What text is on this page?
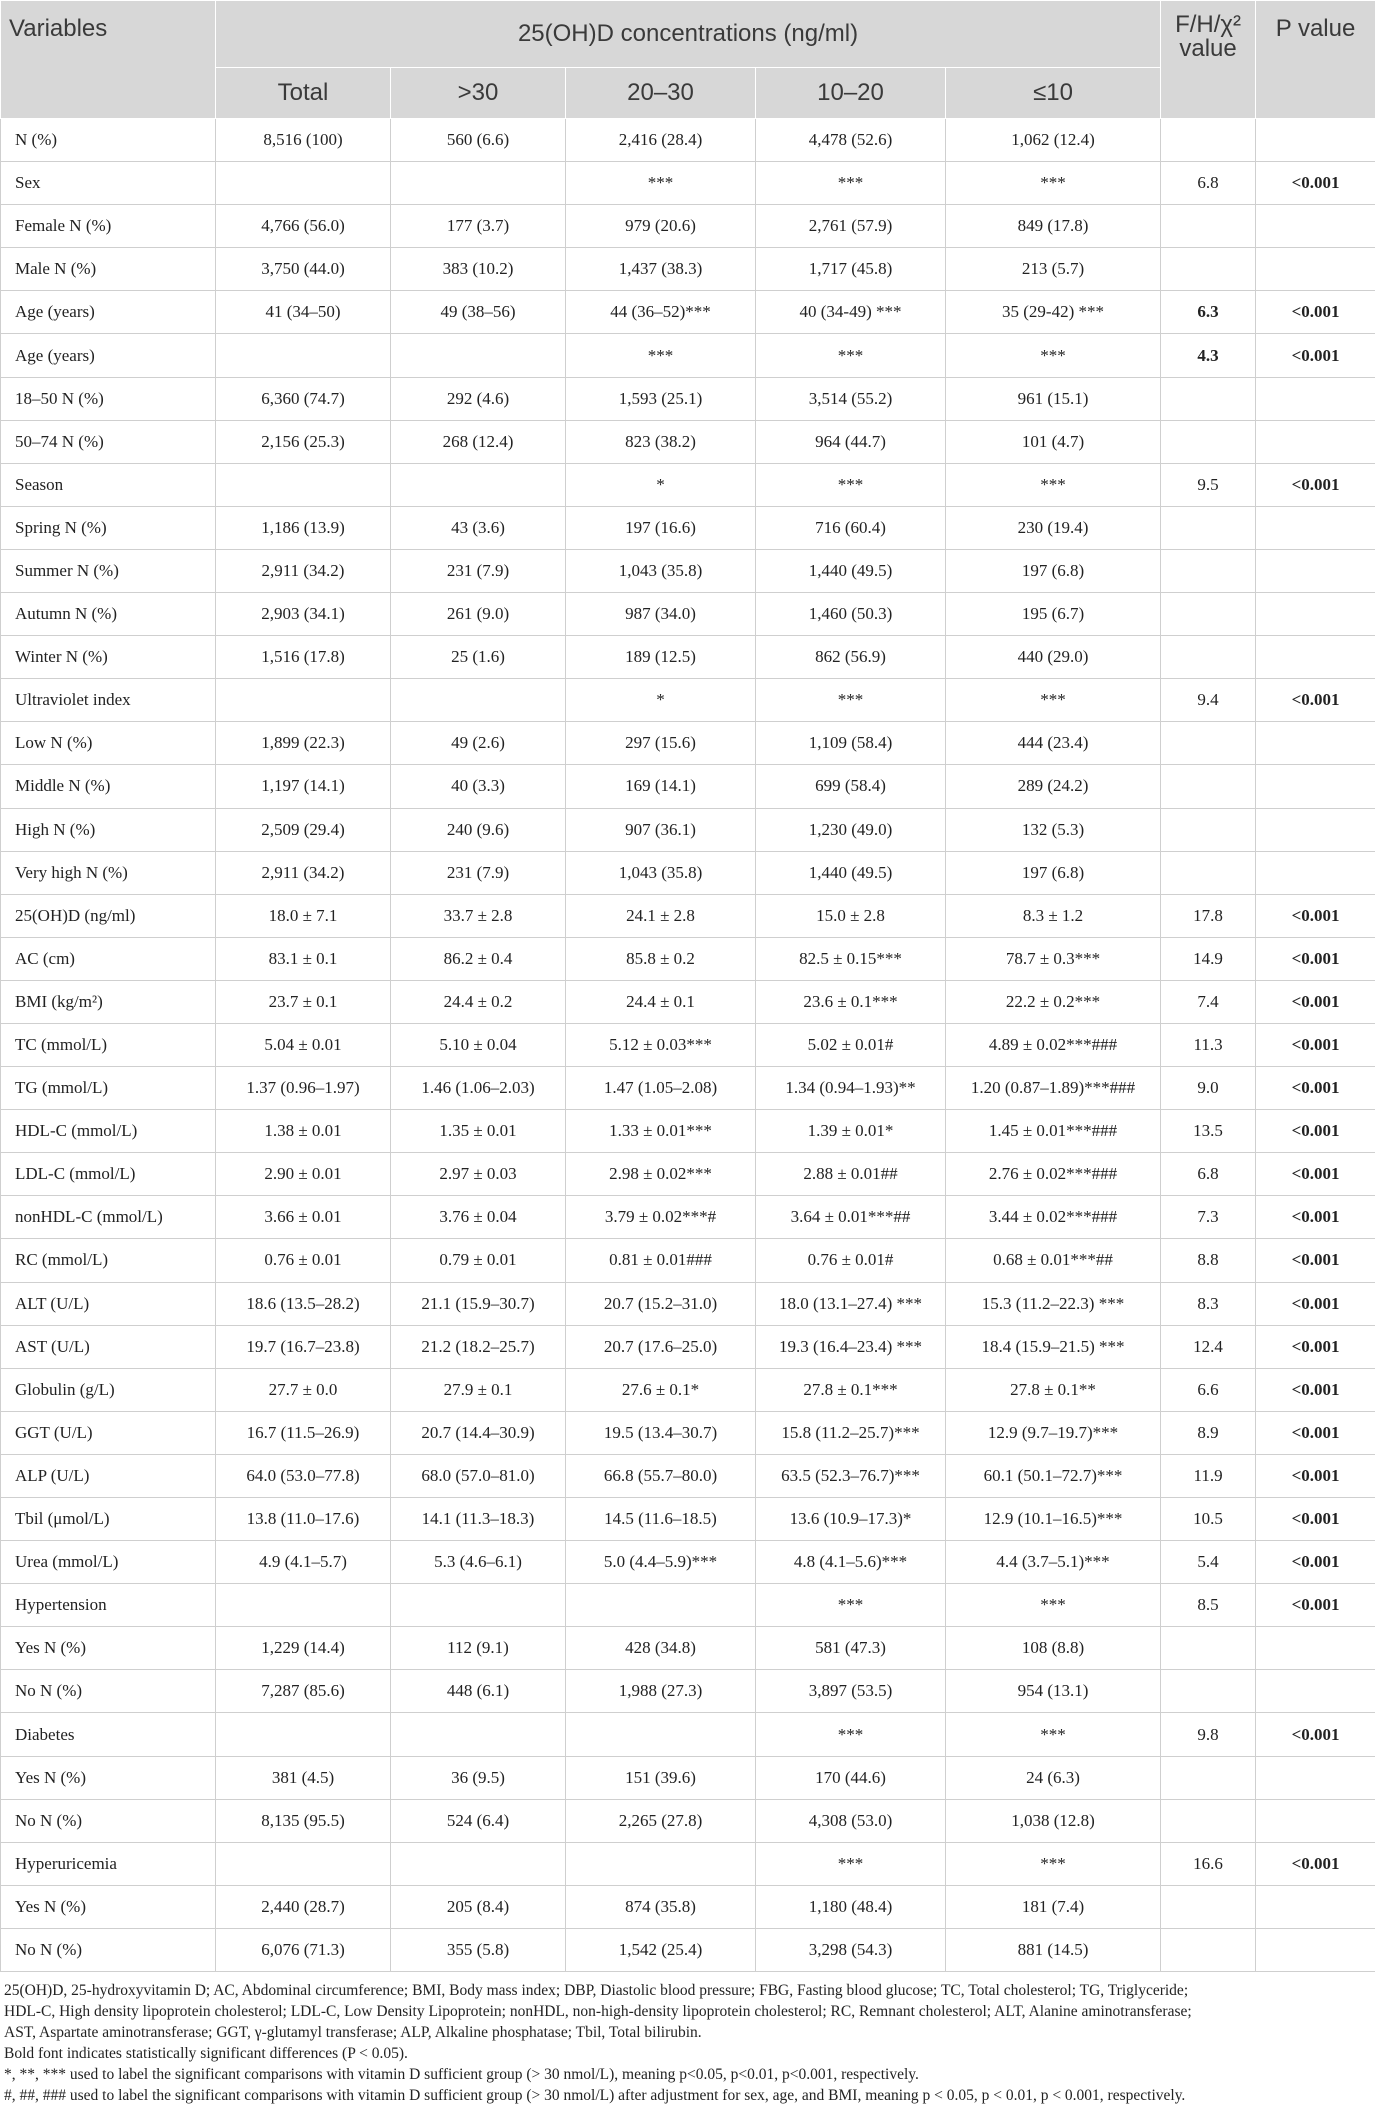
Variables	25(OH)D concentrations (ng/ml)					F/H/χ² value	P value
	Total	>30	20–30	10–20	≤10		
N (%)	8,516 (100)	560 (6.6)	2,416 (28.4)	4,478 (52.6)	1,062 (12.4)		
Sex			***	***	***	6.8	<0.001
Female N (%)	4,766 (56.0)	177 (3.7)	979 (20.6)	2,761 (57.9)	849 (17.8)		
Male N (%)	3,750 (44.0)	383 (10.2)	1,437 (38.3)	1,717 (45.8)	213 (5.7)		
Age (years)	41 (34–50)	49 (38–56)	44 (36–52)***	40 (34-49) ***	35 (29-42) ***	6.3	<0.001
Age (years)			***	***	***	4.3	<0.001
18–50 N (%)	6,360 (74.7)	292 (4.6)	1,593 (25.1)	3,514 (55.2)	961 (15.1)		
50–74 N (%)	2,156 (25.3)	268 (12.4)	823 (38.2)	964 (44.7)	101 (4.7)		
Season			*	***	***	9.5	<0.001
Spring N (%)	1,186 (13.9)	43 (3.6)	197 (16.6)	716 (60.4)	230 (19.4)		
Summer N (%)	2,911 (34.2)	231 (7.9)	1,043 (35.8)	1,440 (49.5)	197 (6.8)		
Autumn N (%)	2,903 (34.1)	261 (9.0)	987 (34.0)	1,460 (50.3)	195 (6.7)		
Winter N (%)	1,516 (17.8)	25 (1.6)	189 (12.5)	862 (56.9)	440 (29.0)		
Ultraviolet index			*	***	***	9.4	<0.001
Low N (%)	1,899 (22.3)	49 (2.6)	297 (15.6)	1,109 (58.4)	444 (23.4)		
Middle N (%)	1,197 (14.1)	40 (3.3)	169 (14.1)	699 (58.4)	289 (24.2)		
High N (%)	2,509 (29.4)	240 (9.6)	907 (36.1)	1,230 (49.0)	132 (5.3)		
Very high N (%)	2,911 (34.2)	231 (7.9)	1,043 (35.8)	1,440 (49.5)	197 (6.8)		
25(OH)D (ng/ml)	18.0 ± 7.1	33.7 ± 2.8	24.1 ± 2.8	15.0 ± 2.8	8.3 ± 1.2	17.8	<0.001
AC (cm)	83.1 ± 0.1	86.2 ± 0.4	85.8 ± 0.2	82.5 ± 0.15***	78.7 ± 0.3***	14.9	<0.001
BMI (kg/m²)	23.7 ± 0.1	24.4 ± 0.2	24.4 ± 0.1	23.6 ± 0.1***	22.2 ± 0.2***	7.4	<0.001
TC (mmol/L)	5.04 ± 0.01	5.10 ± 0.04	5.12 ± 0.03***	5.02 ± 0.01#	4.89 ± 0.02***###	11.3	<0.001
TG (mmol/L)	1.37 (0.96–1.97)	1.46 (1.06–2.03)	1.47 (1.05–2.08)	1.34 (0.94–1.93)**	1.20 (0.87–1.89)***###	9.0	<0.001
HDL-C (mmol/L)	1.38 ± 0.01	1.35 ± 0.01	1.33 ± 0.01***	1.39 ± 0.01*	1.45 ± 0.01***###	13.5	<0.001
LDL-C (mmol/L)	2.90 ± 0.01	2.97 ± 0.03	2.98 ± 0.02***	2.88 ± 0.01##	2.76 ± 0.02***###	6.8	<0.001
nonHDL-C (mmol/L)	3.66 ± 0.01	3.76 ± 0.04	3.79 ± 0.02***#	3.64 ± 0.01***##	3.44 ± 0.02***###	7.3	<0.001
RC (mmol/L)	0.76 ± 0.01	0.79 ± 0.01	0.81 ± 0.01###	0.76 ± 0.01#	0.68 ± 0.01***##	8.8	<0.001
ALT (U/L)	18.6 (13.5–28.2)	21.1 (15.9–30.7)	20.7 (15.2–31.0)	18.0 (13.1–27.4) ***	15.3 (11.2–22.3) ***	8.3	<0.001
AST (U/L)	19.7 (16.7–23.8)	21.2 (18.2–25.7)	20.7 (17.6–25.0)	19.3 (16.4–23.4) ***	18.4 (15.9–21.5) ***	12.4	<0.001
Globulin (g/L)	27.7 ± 0.0	27.9 ± 0.1	27.6 ± 0.1*	27.8 ± 0.1***	27.8 ± 0.1**	6.6	<0.001
GGT (U/L)	16.7 (11.5–26.9)	20.7 (14.4–30.9)	19.5 (13.4–30.7)	15.8 (11.2–25.7)***	12.9 (9.7–19.7)***	8.9	<0.001
ALP (U/L)	64.0 (53.0–77.8)	68.0 (57.0–81.0)	66.8 (55.7–80.0)	63.5 (52.3–76.7)***	60.1 (50.1–72.7)***	11.9	<0.001
Tbil (μmol/L)	13.8 (11.0–17.6)	14.1 (11.3–18.3)	14.5 (11.6–18.5)	13.6 (10.9–17.3)*	12.9 (10.1–16.5)***	10.5	<0.001
Urea (mmol/L)	4.9 (4.1–5.7)	5.3 (4.6–6.1)	5.0 (4.4–5.9)***	4.8 (4.1–5.6)***	4.4 (3.7–5.1)***	5.4	<0.001
Hypertension				***	***	8.5	<0.001
Yes N (%)	1,229 (14.4)	112 (9.1)	428 (34.8)	581 (47.3)	108 (8.8)		
No N (%)	7,287 (85.6)	448 (6.1)	1,988 (27.3)	3,897 (53.5)	954 (13.1)		
Diabetes				***	***	9.8	<0.001
Yes N (%)	381 (4.5)	36 (9.5)	151 (39.6)	170 (44.6)	24 (6.3)		
No N (%)	8,135 (95.5)	524 (6.4)	2,265 (27.8)	4,308 (53.0)	1,038 (12.8)		
Hyperuricemia				***	***	16.6	<0.001
Yes N (%)	2,440 (28.7)	205 (8.4)	874 (35.8)	1,180 (48.4)	181 (7.4)		
No N (%)	6,076 (71.3)	355 (5.8)	1,542 (25.4)	3,298 (54.3)	881 (14.5)		
25(OH)D, 25-hydroxyvitamin D; AC, Abdominal circumference; BMI, Body mass index; DBP, Diastolic blood pressure; FBG, Fasting blood glucose; TC, Total cholesterol; TG, Triglyceride;
HDL-C, High density lipoprotein cholesterol; LDL-C, Low Density Lipoprotein; nonHDL, non-high-density lipoprotein cholesterol; RC, Remnant cholesterol; ALT, Alanine aminotransferase;
AST, Aspartate aminotransferase; GGT, γ-glutamyl transferase; ALP, Alkaline phosphatase; Tbil, Total bilirubin.
Bold font indicates statistically significant differences (P < 0.05).
*, **, *** used to label the significant comparisons with vitamin D sufficient group (> 30 nmol/L), meaning p<0.05, p<0.01, p<0.001, respectively.
#, ##, ### used to label the significant comparisons with vitamin D sufficient group (> 30 nmol/L) after adjustment for sex, age, and BMI, meaning p < 0.05, p < 0.01, p < 0.001, respectively.
